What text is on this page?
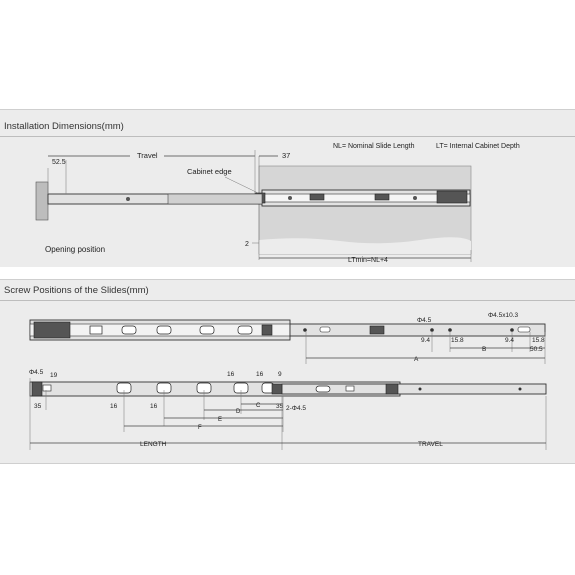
Installation Dimensions(mm)
52.5
Travel	37
Cabinet edge
NL= Nominal Slide Length	LT= Internal Cabinet Depth
2
LTmin=NL+4
Opening position
Screw Positions of the Slides(mm)
Φ4.5
Φ4.5x10.3
9.4	15.8	9.4	15.8
B	50.5
A
Φ4.5 19
35	16	16
16	16 9
35
C
D
E
F
2-Φ4.5
LENGTH	TRAVEL
